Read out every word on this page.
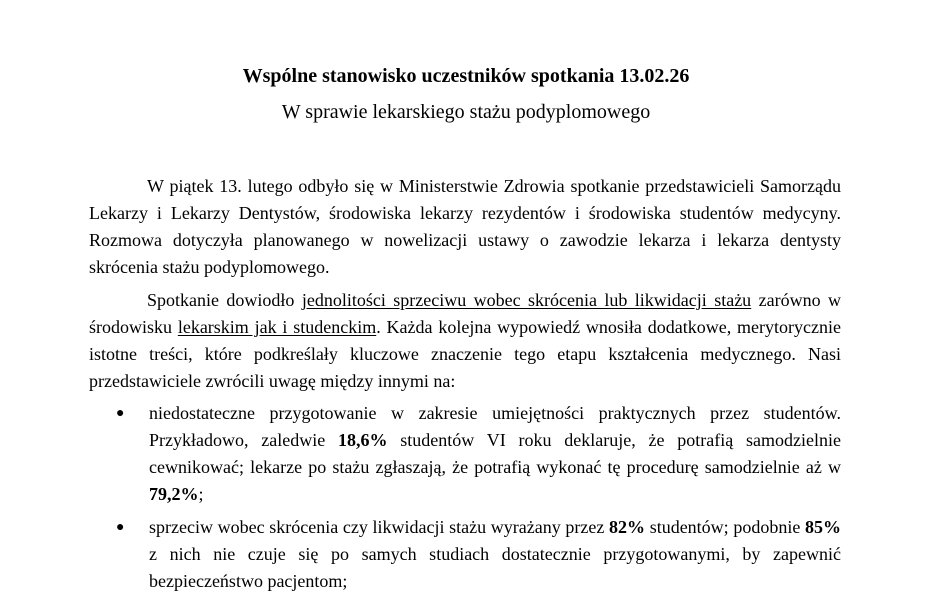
Wspólne stanowisko uczestników spotkania 13.02.26
W sprawie lekarskiego stażu podyplomowego

W piątek 13. lutego odbyło się w Ministerstwie Zdrowia spotkanie przedstawicieli Samorządu Lekarzy i Lekarzy Dentystów, środowiska lekarzy rezydentów i środowiska studentów medycyny. Rozmowa dotyczyła planowanego w nowelizacji ustawy o zawodzie lekarza i lekarza dentysty skrócenia stażu podyplomowego.

Spotkanie dowiodło jednolitości sprzeciwu wobec skrócenia lub likwidacji stażu zarówno w środowisku lekarskim jak i studenckim. Każda kolejna wypowiedź wnosiła dodatkowe, merytorycznie istotne treści, które podkreślały kluczowe znaczenie tego etapu kształcenia medycznego. Nasi przedstawiciele zwrócili uwagę między innymi na:

● niedostateczne przygotowanie w zakresie umiejętności praktycznych przez studentów. Przykładowo, zaledwie 18,6% studentów VI roku deklaruje, że potrafią samodzielnie cewnikować; lekarze po stażu zgłaszają, że potrafią wykonać tę procedurę samodzielnie aż w 79,2%;
● sprzeciw wobec skrócenia czy likwidacji stażu wyrażany przez 82% studentów; podobnie 85% z nich nie czuje się po samych studiach dostatecznie przygotowanymi, by zapewnić bezpieczeństwo pacjentom;
